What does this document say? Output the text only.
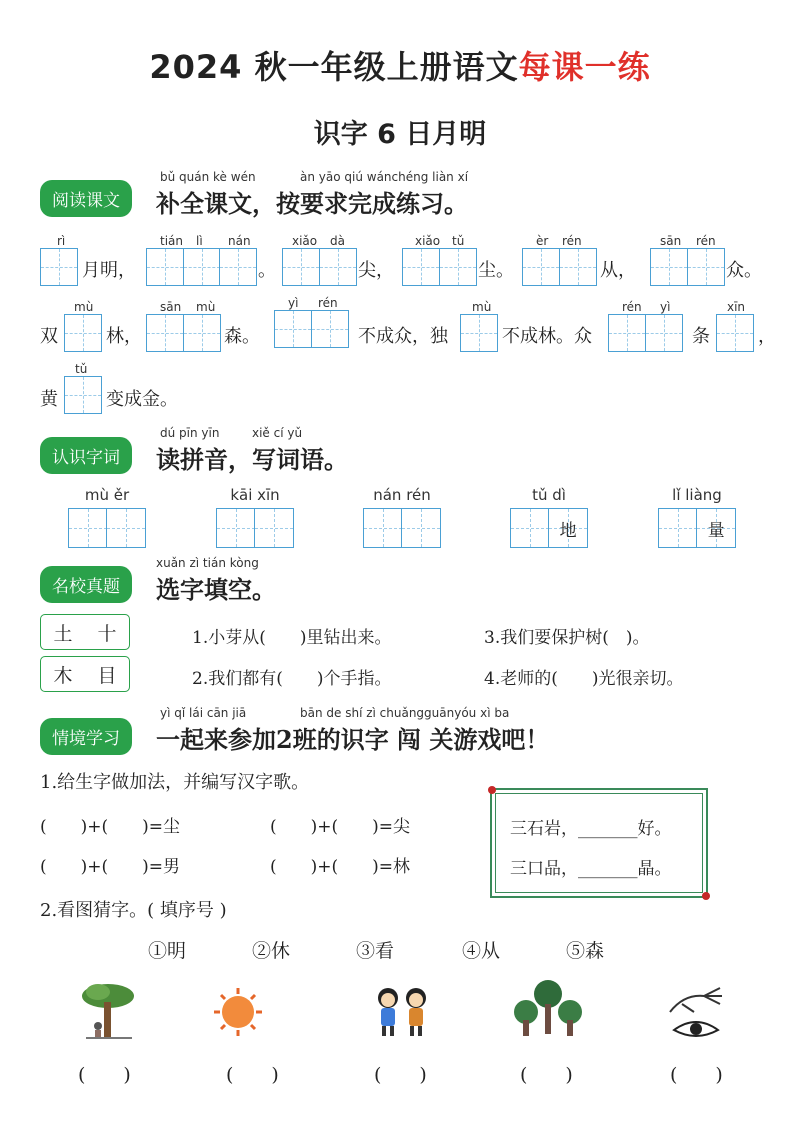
2024 秋一年级上册语文每课一练
识字 6 日月明
阅读课文
bǔ quán kè wén	àn yāo qiú wánchéng liàn xí
补全课文，按要求完成练习。
rì
月明，
tián lì nán
。
xiǎo dà
尖，
xiǎo tǔ
尘。
èr rén
从，
sān rén
众。
双
mù
林，
sān mù
森。
yì rén
不成众，独
mù
不成林。众
rén yì
条
xīn
，
黄
tǔ
变成金。
认识字词
dú pīn yīn	xiě cí yǔ
读拼音，写词语。
mù ěr	kāi xīn	nán rén	tǔ dì
地
lǐ liàng
量
名校真题
xuǎn zì tián kòng
选字填空。
土 十
木 目
1.小芽从(　　)里钻出来。	3.我们要保护树(　)。
2.我们都有(　　)个手指。	4.老师的(　　)光很亲切。
情境学习
yì qǐ lái cān jiā	bān de shí zì chuǎngguānyóu xì ba
一起来参加2班的识字 闯 关游戏吧！
1.给生字做加法，并编写汉字歌。
(　　)+(　　)=尘	(　　)+(　　)=尖
(　　)+(　　)=男	(　　)+(　　)=林
三石岩，_______好。
三口品，_______晶。
2.看图猜字。( 填序号 )
①明	②休	③看	④从	⑤森
(　　)	(　　)	(　　)	(　　)	(　　)
